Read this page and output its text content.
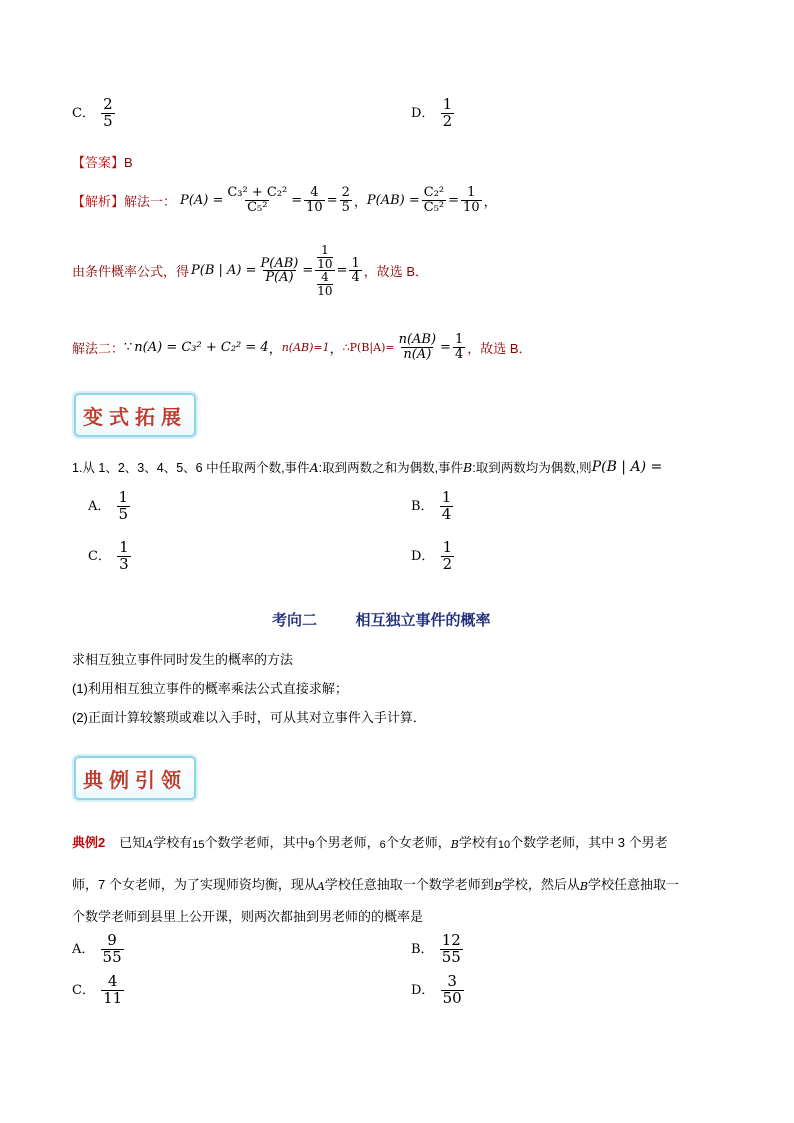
C． $\frac{2}{5}$	D． $\frac{1}{2}$
【答案】B
【解析】 解法一： $P(A) = \frac{\text{C₃² + C₂²}}{\text{C₅²}} = \frac{4}{10} = \frac{2}{5}$ ， $P(AB) = \frac{\text{C₂²}}{\text{C₅²}} = \frac{1}{10}$ ，
由条件概率公式，得 P(B | $A) = \frac{P(AB)}{P(A)} = \frac{\frac{1}{10}}{\frac{4}{10}} = \frac{1}{4}$ ，故选 B．
解法二： ∵ n(A) = C₃² + C₂² = 4 ， n(AB)=1 ， ∴P(B|A)= $\frac{n(AB)}{n(A)} = \frac{1}{4}$ ，故选 B．
变式拓展
1.从 1、2、3、4、5、6 中任取两个数,事件 A :取到两数之和为偶数,事件 B :取到两数均为偶数,则 P(B | A) =
A． $\frac{1}{5}$	B． $\frac{1}{4}$
C． $\frac{1}{3}$	D． $\frac{1}{2}$
考向二	相互独立事件的概率
求相互独立事件同时发生的概率的方法
(1)利用相互独立事件的概率乘法公式直接求解；
(2)正面计算较繁琐或难以入手时，可从其对立事件入手计算．
典例引领
典例2 已知 A 学校有 15 个数学老师，其中 9 个男老师， 6 个女老师， B 学校有 10 个数学老师，其中 3 个男老
师，7 个女老师，为了实现师资均衡，现从 A 学校任意抽取一个数学老师到 B 学校，然后从 B 学校任意抽取一
个数学老师到县里上公开课，则两次都抽到男老师的的概率是
A． $\frac{9}{55}$	B． $\frac{12}{55}$
C． $\frac{4}{11}$	D． $\frac{3}{50}$
